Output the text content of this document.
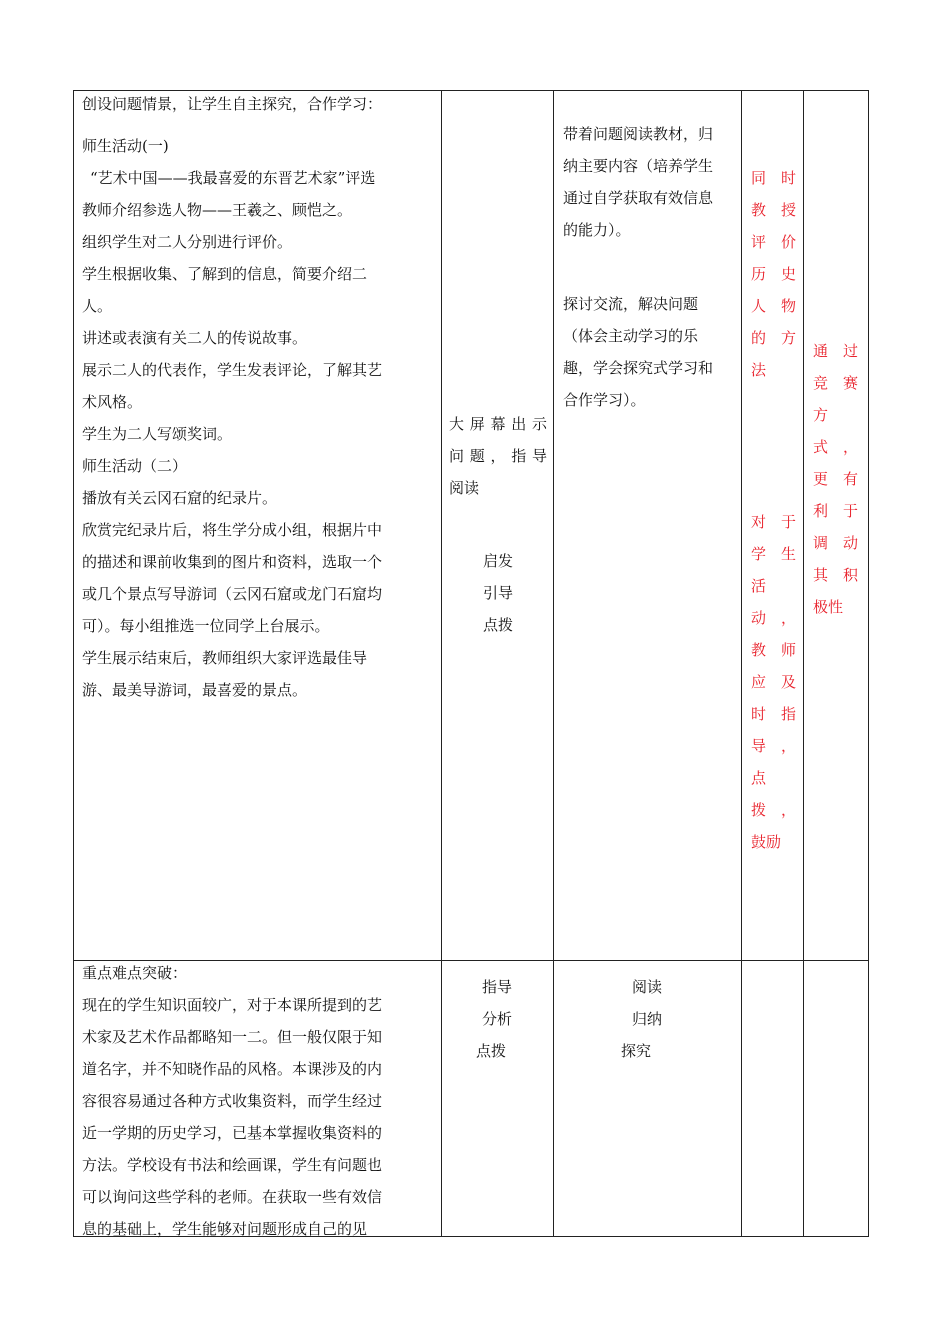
创设问题情景，让学生自主探究，合作学习：

师生活动(一)

“艺术中国——我最喜爱的东晋艺术家”评选

教师介绍参选人物——王羲之、顾恺之。

组织学生对二人分别进行评价。

学生根据收集、了解到的信息，简要介绍二

人。

讲述或表演有关二人的传说故事。

展示二人的代表作，学生发表评论，了解其艺

术风格。

学生为二人写颂奖词。

师生活动（二）

播放有关云冈石窟的纪录片。

欣赏完纪录片后，将生学分成小组，根据片中

的描述和课前收集到的图片和资料，选取一个

或几个景点写导游词（云冈石窟或龙门石窟均

可）。每小组推选一位同学上台展示。

学生展示结束后，教师组织大家评选最佳导

游、最美导游词，最喜爱的景点。

大屏幕出示

问题，指导

阅读

启发

引导

点拨

带着问题阅读教材，归

纳主要内容（培养学生

通过自学获取有效信息

的能力）。

探讨交流，解决问题

（体会主动学习的乐

趣，学会探究式学习和

合作学习）。

同　时

教　授

评　价

历　史

人　物

的　方

法

对　于

学　生

活

动　，

教　师

应　及

时　指

导　，

点

拨　，

鼓励

通　过

竞　赛

方

式　，

更　有

利　于

调　动

其　积

极性

重点难点突破：

现在的学生知识面较广，对于本课所提到的艺

术家及艺术作品都略知一二。但一般仅限于知

道名字，并不知晓作品的风格。本课涉及的内

容很容易通过各种方式收集资料，而学生经过

近一学期的历史学习，已基本掌握收集资料的

方法。学校设有书法和绘画课，学生有问题也

可以询问这些学科的老师。在获取一些有效信

息的基础上，学生能够对问题形成自己的见

指导

分析

点拨

阅读

归纳

探究
